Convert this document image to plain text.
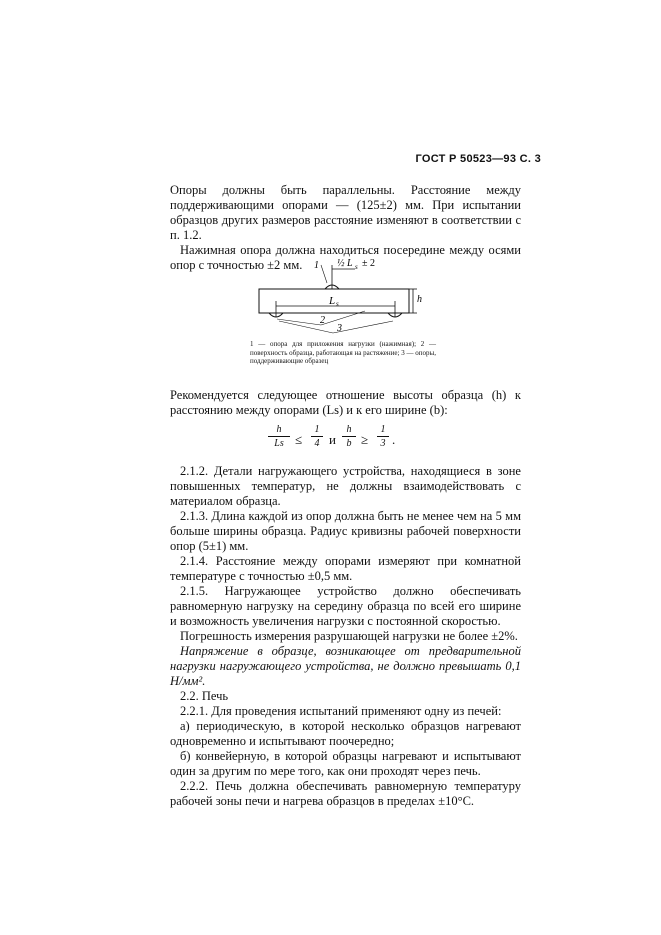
ГОСТ Р 50523—93 С. 3

Опоры должны быть параллельны. Расстояние между поддерживающими опорами — (125±2) мм. При испытании образцов других размеров расстояние изменяют в соответствии с п. 1.2.

Нажимная опора должна находиться посередине между осями опор с точностью ±2 мм.	1 ½ L s ± 2
L s	h
2
3
1 — опора для приложения нагрузки (нажимная); 2 — поверхность образца, работающая на растяжение; 3 — опоры, поддерживающие образец

Рекомендуется следующее отношение высоты образца (h) к расстоянию между опорами (Ls) и к его ширине (b):

h
Ls ≤
1
4 и
h
b ≥
1
3 .

2.1.2. Детали нагружающего устройства, находящиеся в зоне повышенных температур, не должны взаимодействовать с материалом образца.

2.1.3. Длина каждой из опор должна быть не менее чем на 5 мм больше ширины образца. Радиус кривизны рабочей поверхности опор (5±1) мм.

2.1.4. Расстояние между опорами измеряют при комнатной температуре с точностью ±0,5 мм.

2.1.5. Нагружающее устройство должно обеспечивать равномерную нагрузку на середину образца по всей его ширине и возможность увеличения нагрузки с постоянной скоростью.

Погрешность измерения разрушающей нагрузки не более ±2%.

Напряжение в образце, возникающее от предварительной нагрузки нагружающего устройства, не должно превышать 0,1 Н/мм².

2.2. Печь

2.2.1. Для проведения испытаний применяют одну из печей:

а) периодическую, в которой несколько образцов нагревают одновременно и испытывают поочередно;

б) конвейерную, в которой образцы нагревают и испытывают один за другим по мере того, как они проходят через печь.

2.2.2. Печь должна обеспечивать равномерную температуру рабочей зоны печи и нагрева образцов в пределах ±10°С.
